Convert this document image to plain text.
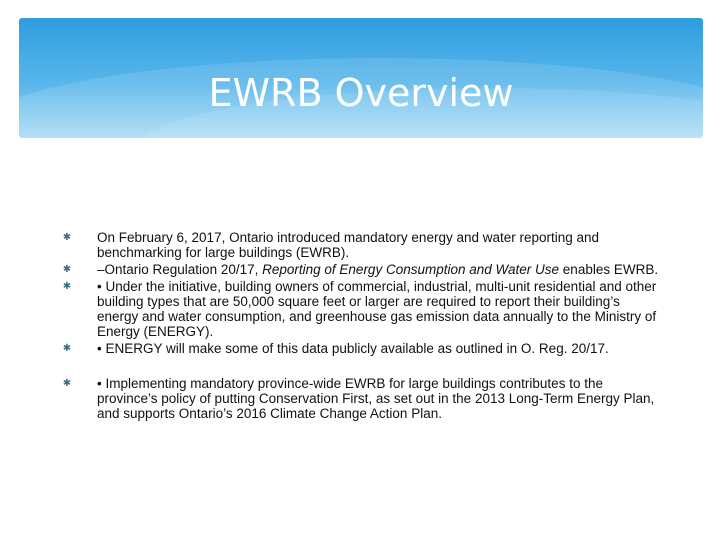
EWRB Overview
✱ On February 6, 2017, Ontario introduced mandatory energy and water reporting and benchmarking for large buildings (EWRB).
✱ –Ontario Regulation 20/17, Reporting of Energy Consumption and Water Use enables EWRB.
✱ • Under the initiative, building owners of commercial, industrial, multi-unit residential and other building types that are 50,000 square feet or larger are required to report their building’s energy and water consumption, and greenhouse gas emission data annually to the Ministry of Energy (ENERGY).
✱ • ENERGY will make some of this data publicly available as outlined in O. Reg. 20/17.
✱ • Implementing mandatory province-wide EWRB for large buildings contributes to the province’s policy of putting Conservation First, as set out in the 2013 Long-Term Energy Plan, and supports Ontario’s 2016 Climate Change Action Plan.
